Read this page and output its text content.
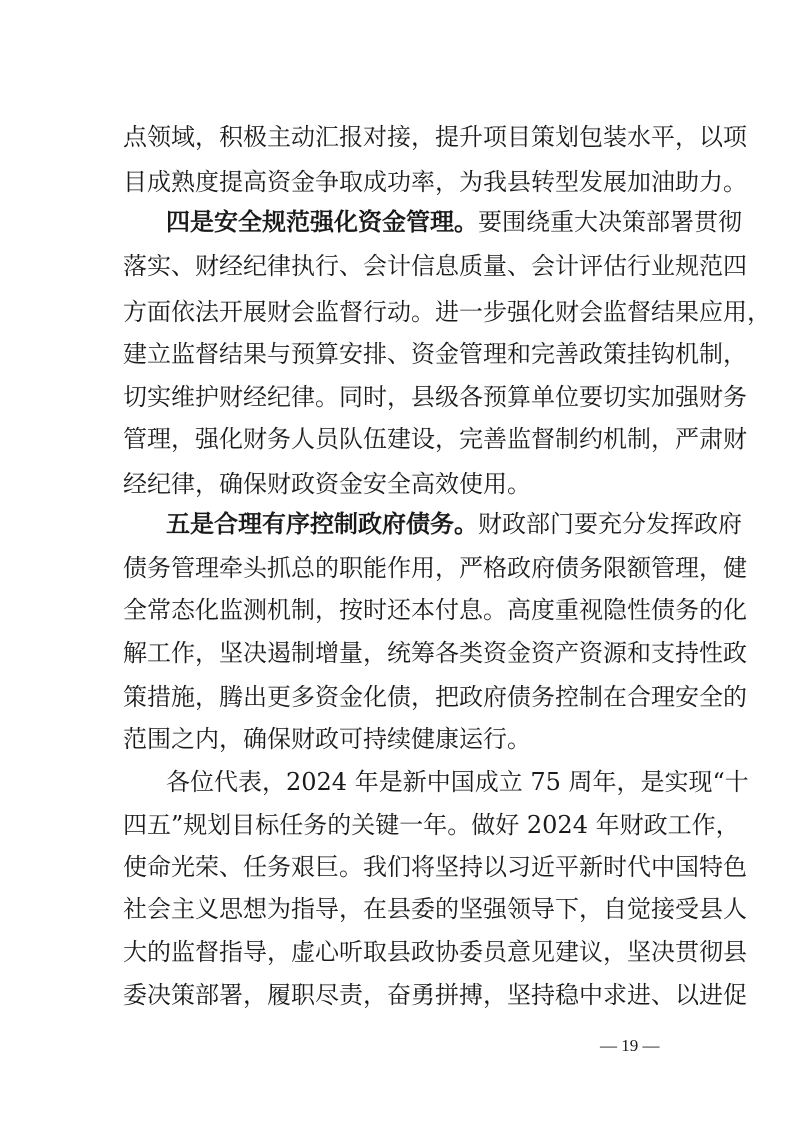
点领域，积极主动汇报对接，提升项目策划包装水平，以项
目成熟度提高资金争取成功率，为我县转型发展加油助力。
四是安全规范强化资金管理。要围绕重大决策部署贯彻
落实、财经纪律执行、会计信息质量、会计评估行业规范四
方面依法开展财会监督行动。进一步强化财会监督结果应用，
建立监督结果与预算安排、资金管理和完善政策挂钩机制，
切实维护财经纪律。同时，县级各预算单位要切实加强财务
管理，强化财务人员队伍建设，完善监督制约机制，严肃财
经纪律，确保财政资金安全高效使用。
五是合理有序控制政府债务。财政部门要充分发挥政府
债务管理牵头抓总的职能作用，严格政府债务限额管理，健
全常态化监测机制，按时还本付息。高度重视隐性债务的化
解工作，坚决遏制增量，统筹各类资金资产资源和支持性政
策措施，腾出更多资金化债，把政府债务控制在合理安全的
范围之内，确保财政可持续健康运行。
各位代表，2024 年是新中国成立 75 周年，是实现“十
四五”规划目标任务的关键一年。做好 2024 年财政工作，
使命光荣、任务艰巨。我们将坚持以习近平新时代中国特色
社会主义思想为指导，在县委的坚强领导下，自觉接受县人
大的监督指导，虚心听取县政协委员意见建议，坚决贯彻县
委决策部署，履职尽责，奋勇拼搏，坚持稳中求进、以进促
— 19 —
